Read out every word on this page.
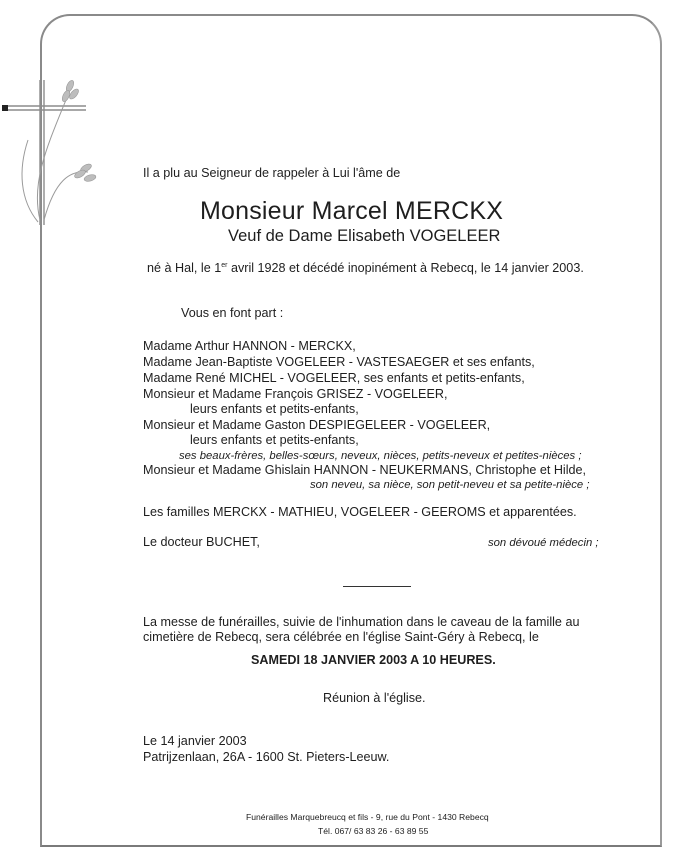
Il a plu au Seigneur de rappeler à Lui l'âme de

Monsieur Marcel MERCKX

Veuf de Dame Elisabeth VOGELEER

né à Hal, le 1er avril 1928 et décédé inopinément à Rebecq, le 14 janvier 2003.

Vous en font part :

Madame Arthur HANNON - MERCKX,

Madame Jean-Baptiste VOGELEER - VASTESAEGER et ses enfants,

Madame René MICHEL - VOGELEER, ses enfants et petits-enfants,

Monsieur et Madame François GRISEZ - VOGELEER,

leurs enfants et petits-enfants,

Monsieur et Madame Gaston DESPIEGELEER - VOGELEER,

leurs enfants et petits-enfants,

ses beaux-frères, belles-sœurs, neveux, nièces, petits-neveux et petites-nièces ;

Monsieur et Madame Ghislain HANNON - NEUKERMANS, Christophe et Hilde,

son neveu, sa nièce, son petit-neveu et sa petite-nièce ;

Les familles MERCKX - MATHIEU, VOGELEER - GEEROMS et apparentées.

Le docteur BUCHET,	son dévoué médecin ;

La messe de funérailles, suivie de l'inhumation dans le caveau de la famille au

cimetière de Rebecq, sera célébrée en l'église Saint-Géry à Rebecq, le

SAMEDI 18 JANVIER 2003 A 10 HEURES.

Réunion à l'église.

Le 14 janvier 2003

Patrijzenlaan, 26A - 1600 St. Pieters-Leeuw.

Funérailles Marquebreucq et fils - 9, rue du Pont - 1430 Rebecq

Tél. 067/ 63 83 26 - 63 89 55
